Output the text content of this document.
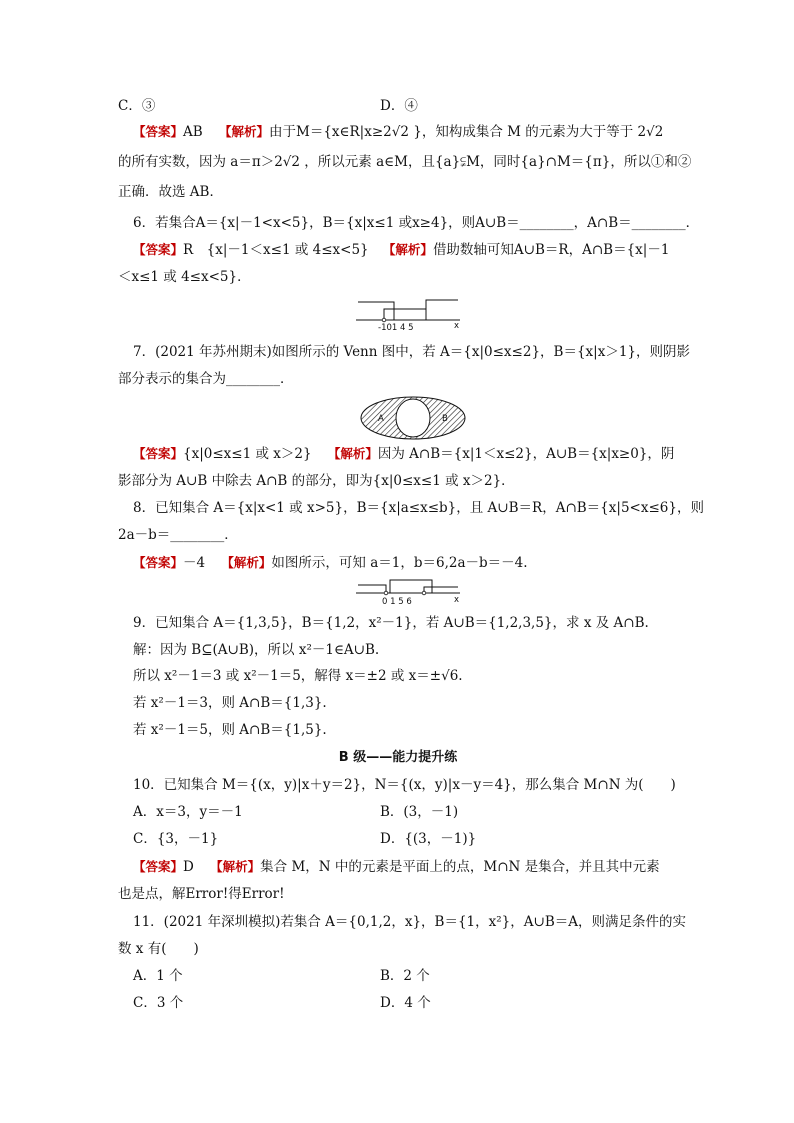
C．③	D．④
【答案】AB 【解析】由于M＝{x∈R|x≥2√2 }，知构成集合 M 的元素为大于等于 2√2
的所有实数，因为 a＝π＞2√2 ，所以元素 a∈M，且{a}⫋M，同时{a}∩M＝{π}，所以①和②
正确．故选 AB．
6．若集合A＝{x|－1<x<5}，B＝{x|x≤1 或x≥4}，则A∪B＝________，A∩B＝________．
【答案】R　{x|－1＜x≤1 或 4≤x<5} 【解析】借助数轴可知A∪B＝R，A∩B＝{x|－1
＜x≤1 或 4≤x<5}．
-101 4 5	x
7．(2021 年苏州期末)如图所示的 Venn 图中，若 A＝{x|0≤x≤2}，B＝{x|x＞1}，则阴影
部分表示的集合为________．
A	B
【答案】{x|0≤x≤1 或 x＞2} 【解析】因为 A∩B＝{x|1＜x≤2}，A∪B＝{x|x≥0}，阴
影部分为 A∪B 中除去 A∩B 的部分，即为{x|0≤x≤1 或 x＞2}．
8．已知集合 A＝{x|x<1 或 x>5}，B＝{x|a≤x≤b}，且 A∪B＝R，A∩B＝{x|5<x≤6}，则
2a－b＝________．
【答案】－4 【解析】如图所示，可知 a＝1，b＝6,2a－b＝－4.
0 1 5 6	x
9．已知集合 A＝{1,3,5}，B＝{1,2，x²－1}，若 A∪B＝{1,2,3,5}，求 x 及 A∩B.
解：因为 B⊆(A∪B)，所以 x²－1∈A∪B.
所以 x²－1＝3 或 x²－1＝5，解得 x＝±2 或 x＝±√6.
若 x²－1＝3，则 A∩B＝{1,3}.
若 x²－1＝5，则 A∩B＝{1,5}.
B 级——能力提升练
10．已知集合 M＝{(x，y)|x＋y＝2}，N＝{(x，y)|x－y＝4}，那么集合 M∩N 为(　　)
A．x＝3，y＝－1	B．(3，－1)
C．{3，－1}	D．{(3，－1)}
【答案】D 【解析】集合 M，N 中的元素是平面上的点，M∩N 是集合，并且其中元素
也是点，解Error!得Error!
11．(2021 年深圳模拟)若集合 A＝{0,1,2，x}，B＝{1，x²}，A∪B＝A，则满足条件的实
数 x 有(　　)
A．1 个	B．2 个
C．3 个	D．4 个
